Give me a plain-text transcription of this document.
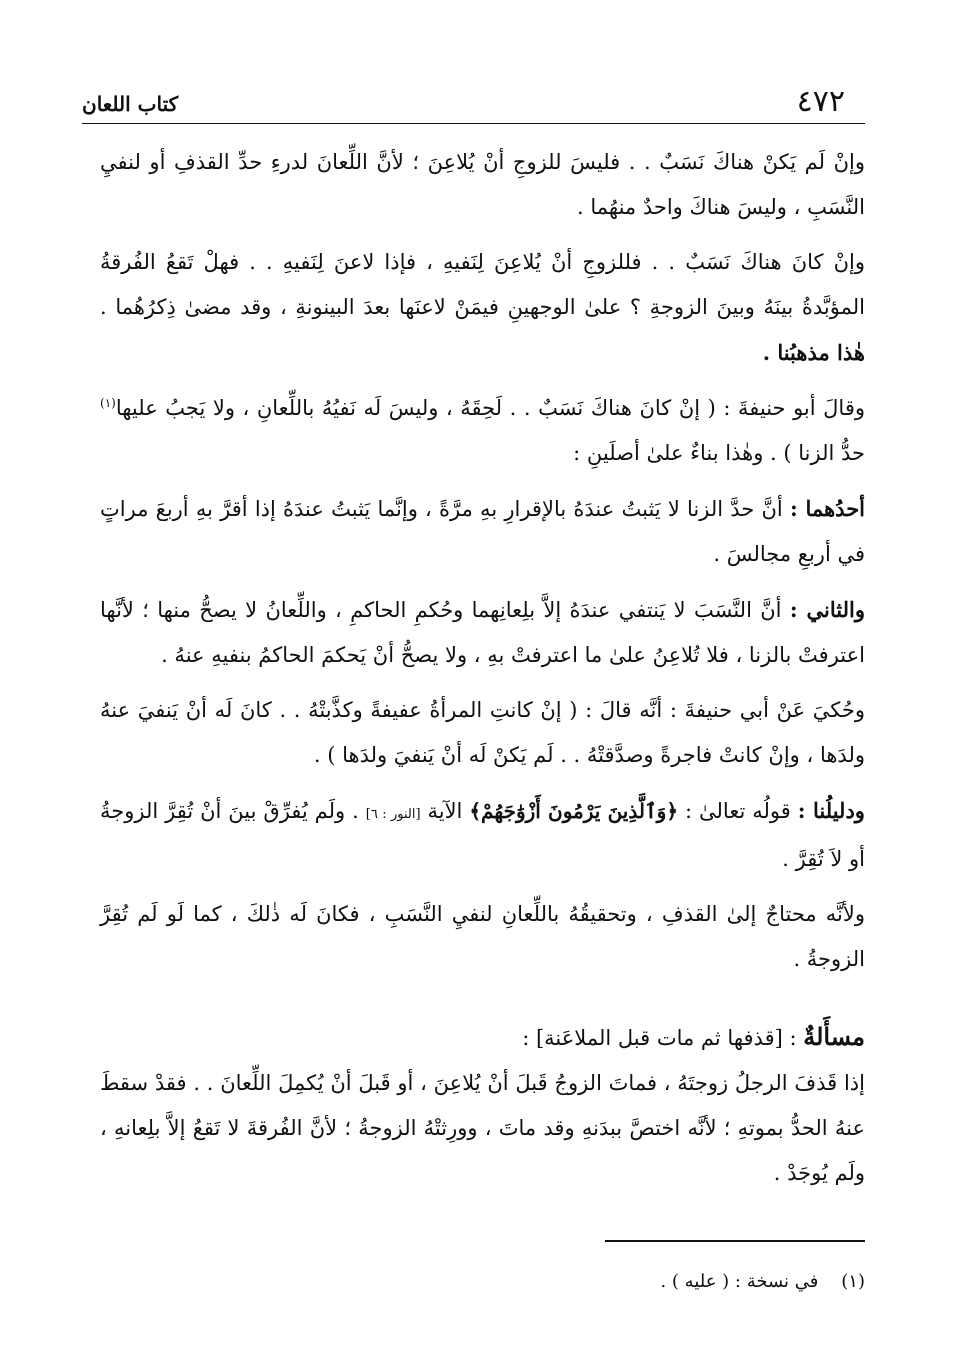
٤٧٢
كتاب اللعان

وإنْ لَم يَكنْ هناكَ نَسَبٌ . . فليسَ للزوجِ أنْ يُلاعِنَ ؛ لأنَّ اللِّعانَ لدرءِ حدِّ القذفِ أو لنفيِ النَّسَبِ ، وليسَ هناكَ واحدٌ منهُما .

وإنْ كانَ هناكَ نَسَبٌ . . فللزوجِ أنْ يُلاعِنَ لِنَفيهِ ، فإذا لاعنَ لِنَفيهِ . . فهلْ تَقعُ الفُرقةُ المؤبَّدةُ بينَهُ وبينَ الزوجةِ ؟ علىٰ الوجهينِ فيمَنْ لاعنَها بعدَ البينونةِ ، وقد مضىٰ ذِكرُهُما . هٰذا مذهبُنا .

وقالَ أبو حنيفةَ : ( إنْ كانَ هناكَ نَسَبٌ . . لَحِقَهُ ، وليسَ لَه نَفيُهُ باللِّعانِ ، ولا يَجبُ عليها$^{(١)}$ حدُّ الزنا ) . وهٰذا بناءٌ علىٰ أصلَينِ :

أحدُهما : أنَّ حدَّ الزنا لا يَثبتُ عندَهُ بالإقرارِ بهِ مرَّةً ، وإنَّما يَثبتُ عندَهُ إذا أقرَّ بهِ أربعَ مراتٍ في أربعِ مجالسَ .

والثاني : أنَّ النَّسَبَ لا يَنتفي عندَهُ إلاَّ بلِعانِهما وحُكمِ الحاكمِ ، واللِّعانُ لا يصحُّ منها ؛ لأنَّها اعترفتْ بالزنا ، فلا تُلاعِنُ علىٰ ما اعترفتْ بهِ ، ولا يصحُّ أنْ يَحكمَ الحاكمُ بنفيهِ عنهُ .

وحُكيَ عَنْ أبي حنيفةَ : أنَّه قالَ : ( إنْ كانتِ المرأةُ عفيفةً وكذَّبتْهُ . . كانَ لَه أنْ يَنفيَ عنهُ ولدَها ، وإنْ كانتْ فاجرةً وصدَّقتْهُ . . لَم يَكنْ لَه أنْ يَنفيَ ولدَها ) .

ودليلُنا : قولُه تعالىٰ : ﴿وَٱلَّذِينَ يَرْمُونَ أَزْوَٰجَهُمْ﴾ الآية [النور : ٦] . ولَم يُفرِّقْ بينَ أنْ تُقِرَّ الزوجةُ أو لاَ تُقِرَّ .

ولأنَّه محتاجٌ إلىٰ القذفِ ، وتحقيقُهُ باللِّعانِ لنفيِ النَّسَبِ ، فكانَ لَه ذٰلكَ ، كما لَو لَم تُقِرَّ الزوجةُ .

مسأَلةٌ : [قذفها ثم مات قبل الملاعَنة] :

إذا قَذفَ الرجلُ زوجتَهُ ، فماتَ الزوجُ قَبلَ أنْ يُلاعِنَ ، أو قَبلَ أنْ يُكمِلَ اللِّعانَ . . فقدْ سقطَ عنهُ الحدُّ بموتهِ ؛ لأنَّه اختصَّ ببدَنهِ وقد ماتَ ، وورِثتْهُ الزوجةُ ؛ لأنَّ الفُرقةَ لا تَقعُ إلاَّ بلِعانهِ ، ولَم يُوجَدْ .

(١)    في نسخة : ( عليه ) .
